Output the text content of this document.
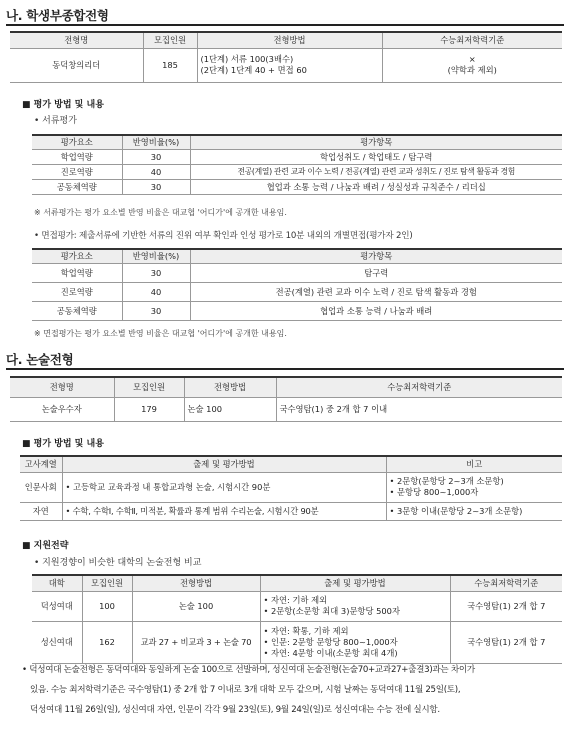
나. 학생부종합전형
전형명	모집인원	전형방법	수능최저학력기준
동덕창의리더	185	(1단계) 서류 100(3배수)
(2단계) 1단계 40 + 면접 60	×
(약학과 제외)
■ 평가 방법 및 내용
• 서류평가
평가요소	반영비율(%)	평가항목
학업역량	30	학업성취도 / 학업태도 / 탐구력
진로역량	40	전공(계열) 관련 교과 이수 노력 / 전공(계열) 관련 교과 성취도 / 진로 탐색 활동과 경험
공동체역량	30	협업과 소통 능력 / 나눔과 배려 / 성실성과 규칙준수 / 리더십
※ 서류평가는 평가 요소별 반영 비율은 대교협 '어디가'에 공개한 내용임.
• 면접평가: 제출서류에 기반한 서류의 진위 여부 확인과 인성 평가로 10분 내외의 개별면접(평가자 2인)
평가요소	반영비율(%)	평가항목
학업역량	30	탐구력
진로역량	40	전공(계열) 관련 교과 이수 노력 / 진로 탐색 활동과 경험
공동체역량	30	협업과 소통 능력 / 나눔과 배려
※ 면접평가는 평가 요소별 반영 비율은 대교협 '어디가'에 공개한 내용임.
다. 논술전형
전형명	모집인원	전형방법	수능최저학력기준
논술우수자	179	논술 100	국수영탐(1) 중 2개 합 7 이내
■ 평가 방법 및 내용
고사계열	출제 및 평가방법	비고
인문사회	• 고등학교 교육과정 내 통합교과형 논술, 시험시간 90분	• 2문항(문항당 2~3개 소문항)
• 문항당 800~1,000자

자연	• 수학, 수학Ⅰ, 수학Ⅱ, 미적분, 확률과 통계 범위 수리논술, 시험시간 90분	• 3문항 이내(문항당 2~3개 소문항)
■ 지원전략
• 지원경향이 비슷한 대학의 논술전형 비교
대학	모집인원	전형방법	출제 및 평가방법	수능최저학력기준
덕성여대	100	논술 100	• 자연: 기하 제외
• 2문항(소문항 최대 3)문항당 500자	국수영탐(1) 2개 합 7
성신여대	162	교과 27 + 비교과 3 + 논술 70	• 자연: 확통, 기하 제외
• 인문: 2문항 문항당 800~1,000자
• 자연: 4문항 이내(소문항 최대 4개)	국수영탐(1) 2개 합 7
• 덕성여대 논술전형은 동덕여대와 동일하게 논술 100으로 선발하며, 성신여대 논술전형(논술70+교과27+출결3)과는 차이가
있음. 수능 최저학력기준은 국수영탐(1) 중 2개 합 7 이내로 3개 대학 모두 같으며, 시험 날짜는 동덕여대 11월 25일(토),
덕성여대 11월 26일(일), 성신여대 자연, 인문이 각각 9월 23일(토), 9월 24일(일)로 성신여대는 수능 전에 실시함.
